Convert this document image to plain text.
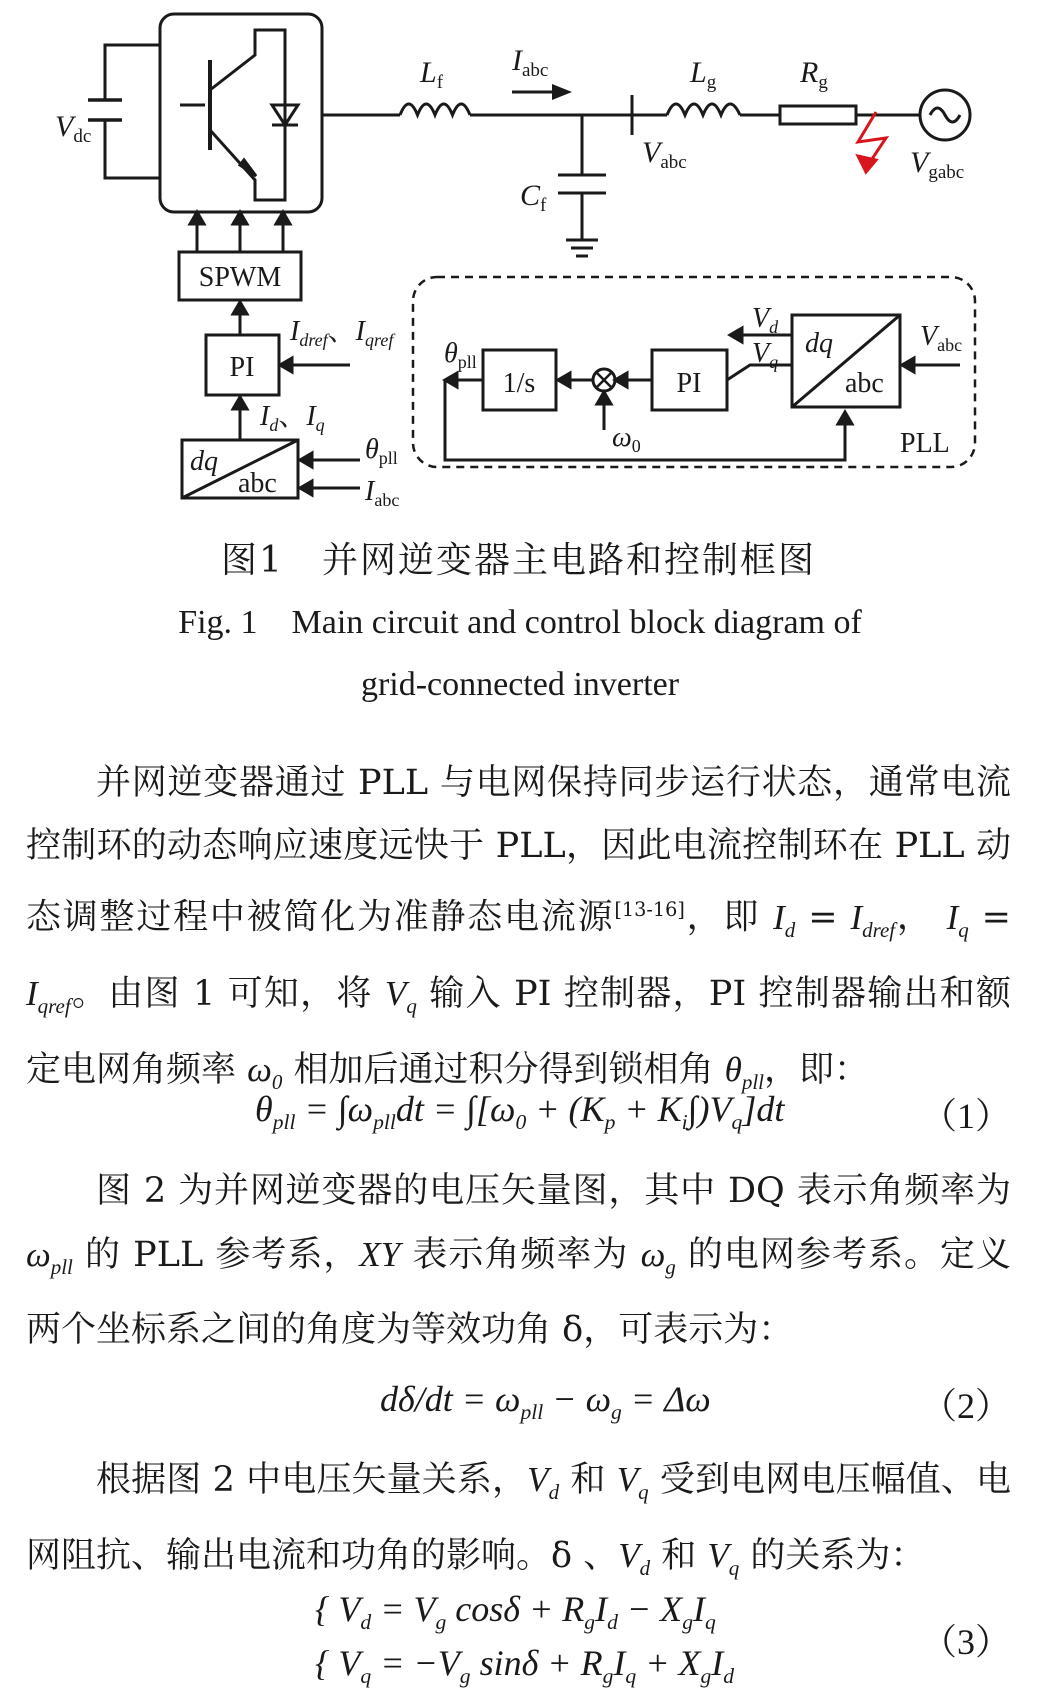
$V_{dc}$
$L_f$
$I_{abc}$	$L_g$	$R_g$
$C_f$
$V_{abc}$	$V_{gabc}$
SPWM
PI
$I_{dref}$、$I_{qref}$
$I_d$、$I_q$
dq
abc
$\theta_{pll}$
$I_{abc}$
$\theta_{pll}$
1/s
$\omega_0$
PI
$V_d$
$V_q$
dq
abc
$V_{abc}$
PLL
图1　并网逆变器主电路和控制框图
Fig. 1　Main circuit and control block diagram of
grid-connected inverter
并网逆变器通过 PLL 与电网保持同步运行状态，通常电流控制环的动态响应速度远快于 PLL，因此电流控制环在 PLL 动态调整过程中被简化为准静态电流源[13-16]，即 $I_d = I_{dref}$， $I_q = I_{qref}$。由图 1 可知，将 $V_q$ 输入 PI 控制器，PI 控制器输出和额定电网角频率 $\omega_0$ 相加后通过积分得到锁相角 $\theta_{pll}$，即：
$\theta_{pll} = \int\omega_{pll}dt = \int[\omega_0 + (K_p + K_i\int)V_q]dt$	（1）
图 2 为并网逆变器的电压矢量图，其中 DQ 表示角频率为 $\omega_{pll}$ 的 PLL 参考系，XY 表示角频率为 $\omega_g$ 的电网参考系。定义两个坐标系之间的角度为等效功角 δ，可表示为：
$d\delta/dt = \omega_{pll} - \omega_g = \Delta\omega$	（2）
根据图 2 中电压矢量关系，$V_d$ 和 $V_q$ 受到电网电压幅值、电网阻抗、输出电流和功角的影响。δ 、$V_d$ 和 $V_q$ 的关系为：
{ $V_d = V_g$ $\cos\delta + R_gI_d - X_gI_q$
{ $V_q = -V_g$ $\sin\delta + R_gI_q + X_gI_d$
（3）
